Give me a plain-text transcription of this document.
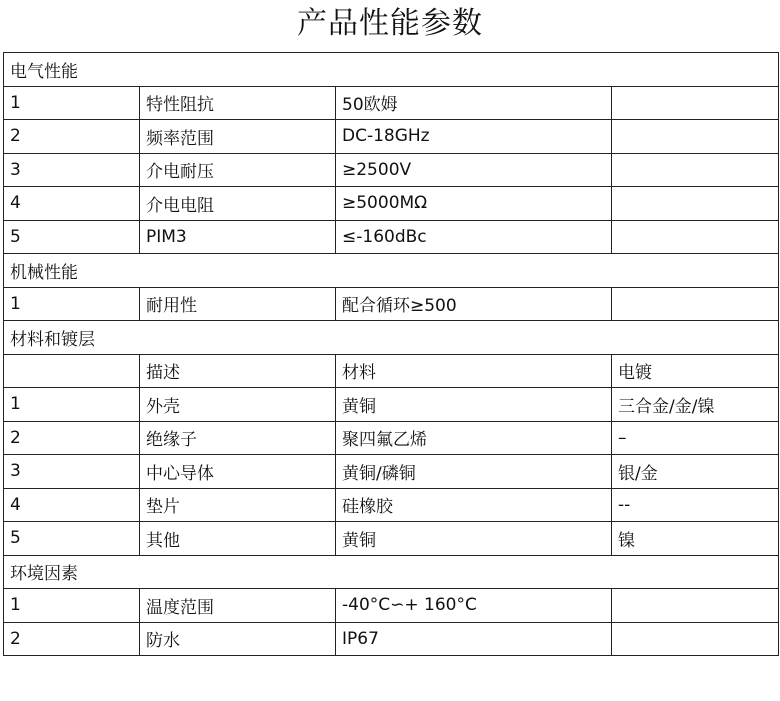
产品性能参数
电气性能			
1	特性阻抗	50欧姆	
2	频率范围	DC-18GHz	
3	介电耐压	≥2500V	
4	介电电阻	≥5000MΩ	
5	PIM3	≤-160dBc	
机械性能			
1	耐用性	配合循环≥500	
材料和镀层			
	描述	材料	电镀
1	外壳	黄铜	三合金/金/镍
2	绝缘子	聚四氟乙烯	–
3	中心导体	黄铜/磷铜	银/金
4	垫片	硅橡胶	--
5	其他	黄铜	镍
环境因素			
1	温度范围	-40°C∽+ 160°C	
2	防水	IP67	
